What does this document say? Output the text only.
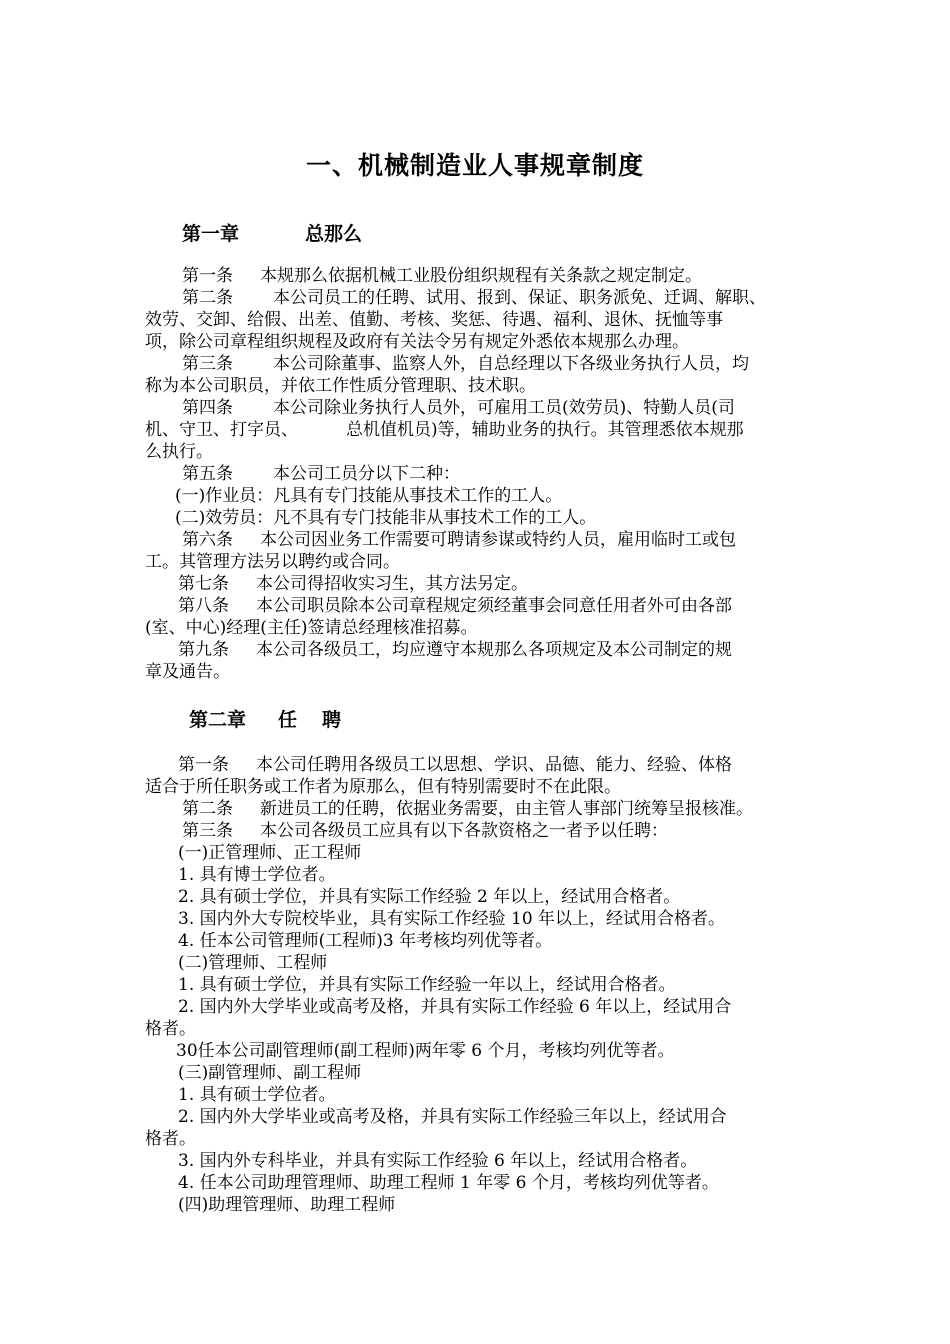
一、机械制造业人事规章制度
第一章	总那么
第一条 本规那么依据机械工业股份组织规程有关条款之规定制定。
第二条 本公司员工的任聘、试用、报到、保证、职务派免、迁调、解职、
效劳、交卸、给假、出差、值勤、考核、奖惩、待遇、福利、退休、抚恤等事
项，除公司章程组织规程及政府有关法令另有规定外悉依本规那么办理。
第三条 本公司除董事、监察人外，自总经理以下各级业务执行人员，均
称为本公司职员，并依工作性质分管理职、技术职。
第四条 本公司除业务执行人员外，可雇用工员(效劳员)、特勤人员(司
机、守卫、打字员、	总机值机员)等，辅助业务的执行。其管理悉依本规那
么执行。
第五条 本公司工员分以下二种：
(一)作业员：凡具有专门技能从事技术工作的工人。
(二)效劳员：凡不具有专门技能非从事技术工作的工人。
第六条 本公司因业务工作需要可聘请参谋或特约人员，雇用临时工或包
工。其管理方法另以聘约或合同。
第七条 本公司得招收实习生，其方法另定。
第八条 本公司职员除本公司章程规定须经董事会同意任用者外可由各部
(室、中心)经理(主任)签请总经理核准招募。
第九条 本公司各级员工，均应遵守本规那么各项规定及本公司制定的规
章及通告。
第二章 任 聘
第一条 本公司任聘用各级员工以思想、学识、品德、能力、经验、体格
适合于所任职务或工作者为原那么，但有特别需要时不在此限。
第二条 新进员工的任聘，依据业务需要，由主管人事部门统筹呈报核准。
第三条 本公司各级员工应具有以下各款资格之一者予以任聘：
(一)正管理师、正工程师
1. 具有博士学位者。
2. 具有硕士学位，并具有实际工作经验 2 年以上，经试用合格者。
3. 国内外大专院校毕业，具有实际工作经验 10 年以上，经试用合格者。
4. 任本公司管理师(工程师)3 年考核均列优等者。
(二)管理师、工程师
1. 具有硕士学位，并具有实际工作经验一年以上，经试用合格者。
2. 国内外大学毕业或高考及格，并具有实际工作经验 6 年以上，经试用合
格者。
30任本公司副管理师(副工程师)两年零 6 个月，考核均列优等者。
(三)副管理师、副工程师
1. 具有硕士学位者。
2. 国内外大学毕业或高考及格，并具有实际工作经验三年以上，经试用合
格者。
3. 国内外专科毕业，并具有实际工作经验 6 年以上，经试用合格者。
4. 任本公司助理管理师、助理工程师 1 年零 6 个月，考核均列优等者。
(四)助理管理师、助理工程师
